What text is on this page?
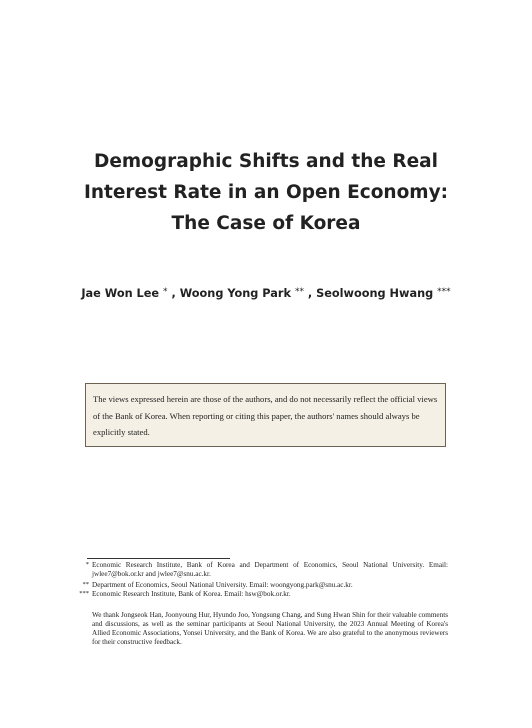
Demographic Shifts and the Real
Interest Rate in an Open Economy:
The Case of Korea
Jae Won Lee * , Woong Yong Park ** , Seolwoong Hwang ***
The views expressed herein are those of the authors, and do not necessarily reflect the official views of the Bank of Korea. When reporting or citing this paper, the authors' names should always be explicitly stated.
* Economic Research Institute, Bank of Korea and Department of Economics, Seoul National University. Email: jwlee7@bok.or.kr and jwlee7@snu.ac.kr.
** Department of Economics, Seoul National University. Email: woongyong.park@snu.ac.kr.
*** Economic Research Institute, Bank of Korea. Email: hsw@bok.or.kr.
We thank Jongseok Han, Joonyoung Hur, Hyundo Joo, Yongsung Chang, and Sung Hwan Shin for their valuable comments and discussions, as well as the seminar participants at Seoul National University, the 2023 Annual Meeting of Korea's Allied Economic Associations, Yonsei University, and the Bank of Korea. We are also grateful to the anonymous reviewers for their constructive feedback.
